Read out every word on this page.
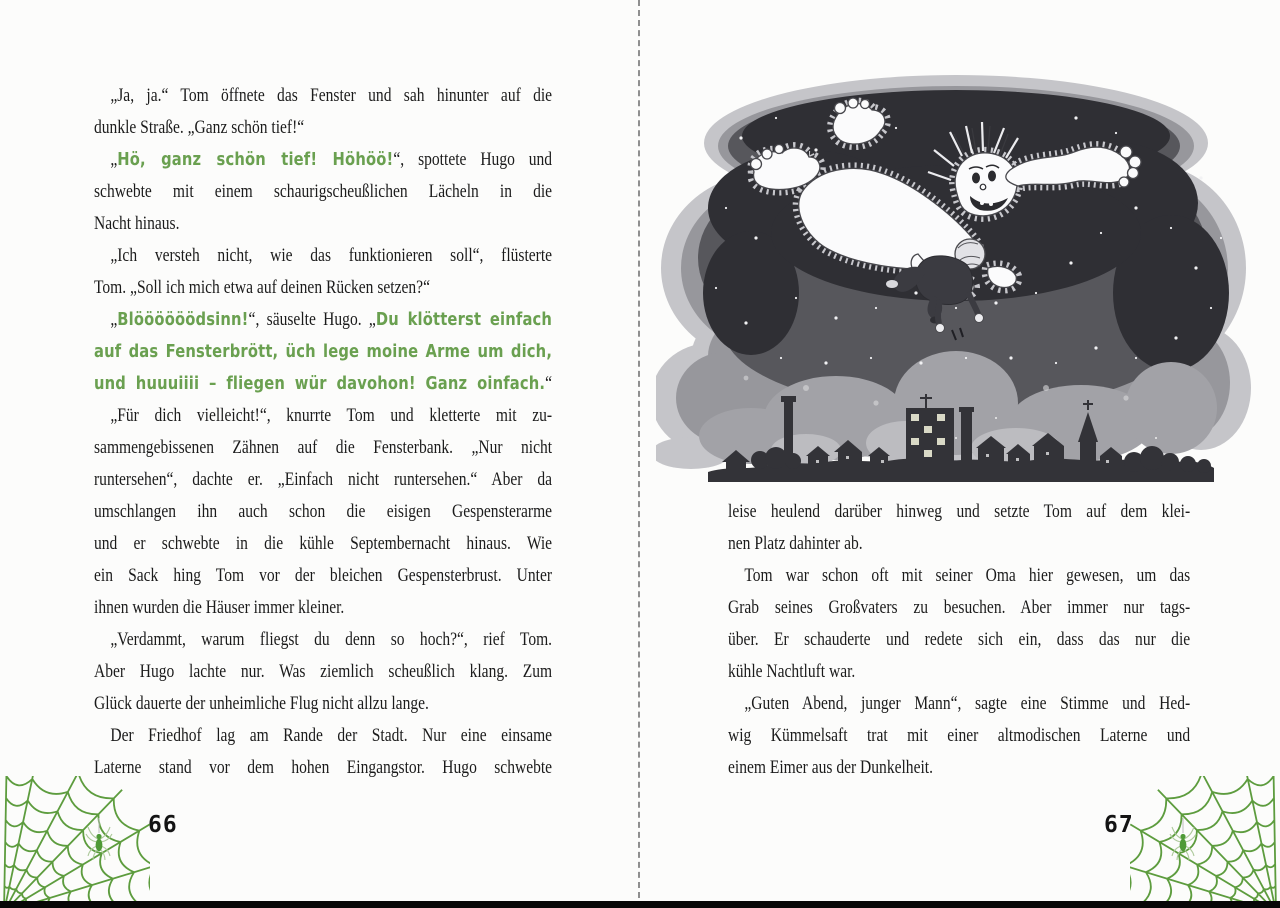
„Ja, ja.“ Tom öffnete das Fenster und sah hinunter auf die
dunkle Straße. „Ganz schön tief!“
„Hö, ganz schön tief! Höhöö!“, spottete Hugo und
schwebte mit einem schaurigscheußlichen Lächeln in die
Nacht hinaus.
„Ich versteh nicht, wie das funktionieren soll“, flüsterte
Tom. „Soll ich mich etwa auf deinen Rücken setzen?“
„Blöööööödsinn!“, säuselte Hugo. „Du klötterst einfach
auf das Fensterbrött, üch lege moine Arme um dich,
und huuuiiii – fliegen wür davohon! Ganz oinfach.“
„Für dich vielleicht!“, knurrte Tom und kletterte mit zu-
sammengebissenen Zähnen auf die Fensterbank. „Nur nicht
runtersehen“, dachte er. „Einfach nicht runtersehen.“ Aber da
umschlangen ihn auch schon die eisigen Gespensterarme
und er schwebte in die kühle Septembernacht hinaus. Wie
ein Sack hing Tom vor der bleichen Gespensterbrust. Unter
ihnen wurden die Häuser immer kleiner.
„Verdammt, warum fliegst du denn so hoch?“, rief Tom.
Aber Hugo lachte nur. Was ziemlich scheußlich klang. Zum
Glück dauerte der unheimliche Flug nicht allzu lange.
Der Friedhof lag am Rande der Stadt. Nur eine einsame
Laterne stand vor dem hohen Eingangstor. Hugo schwebte
66
leise heulend darüber hinweg und setzte Tom auf dem klei-
nen Platz dahinter ab.
Tom war schon oft mit seiner Oma hier gewesen, um das
Grab seines Großvaters zu besuchen. Aber immer nur tags-
über. Er schauderte und redete sich ein, dass das nur die
kühle Nachtluft war.
„Guten Abend, junger Mann“, sagte eine Stimme und Hed-
wig Kümmelsaft trat mit einer altmodischen Laterne und
einem Eimer aus der Dunkelheit.
67
